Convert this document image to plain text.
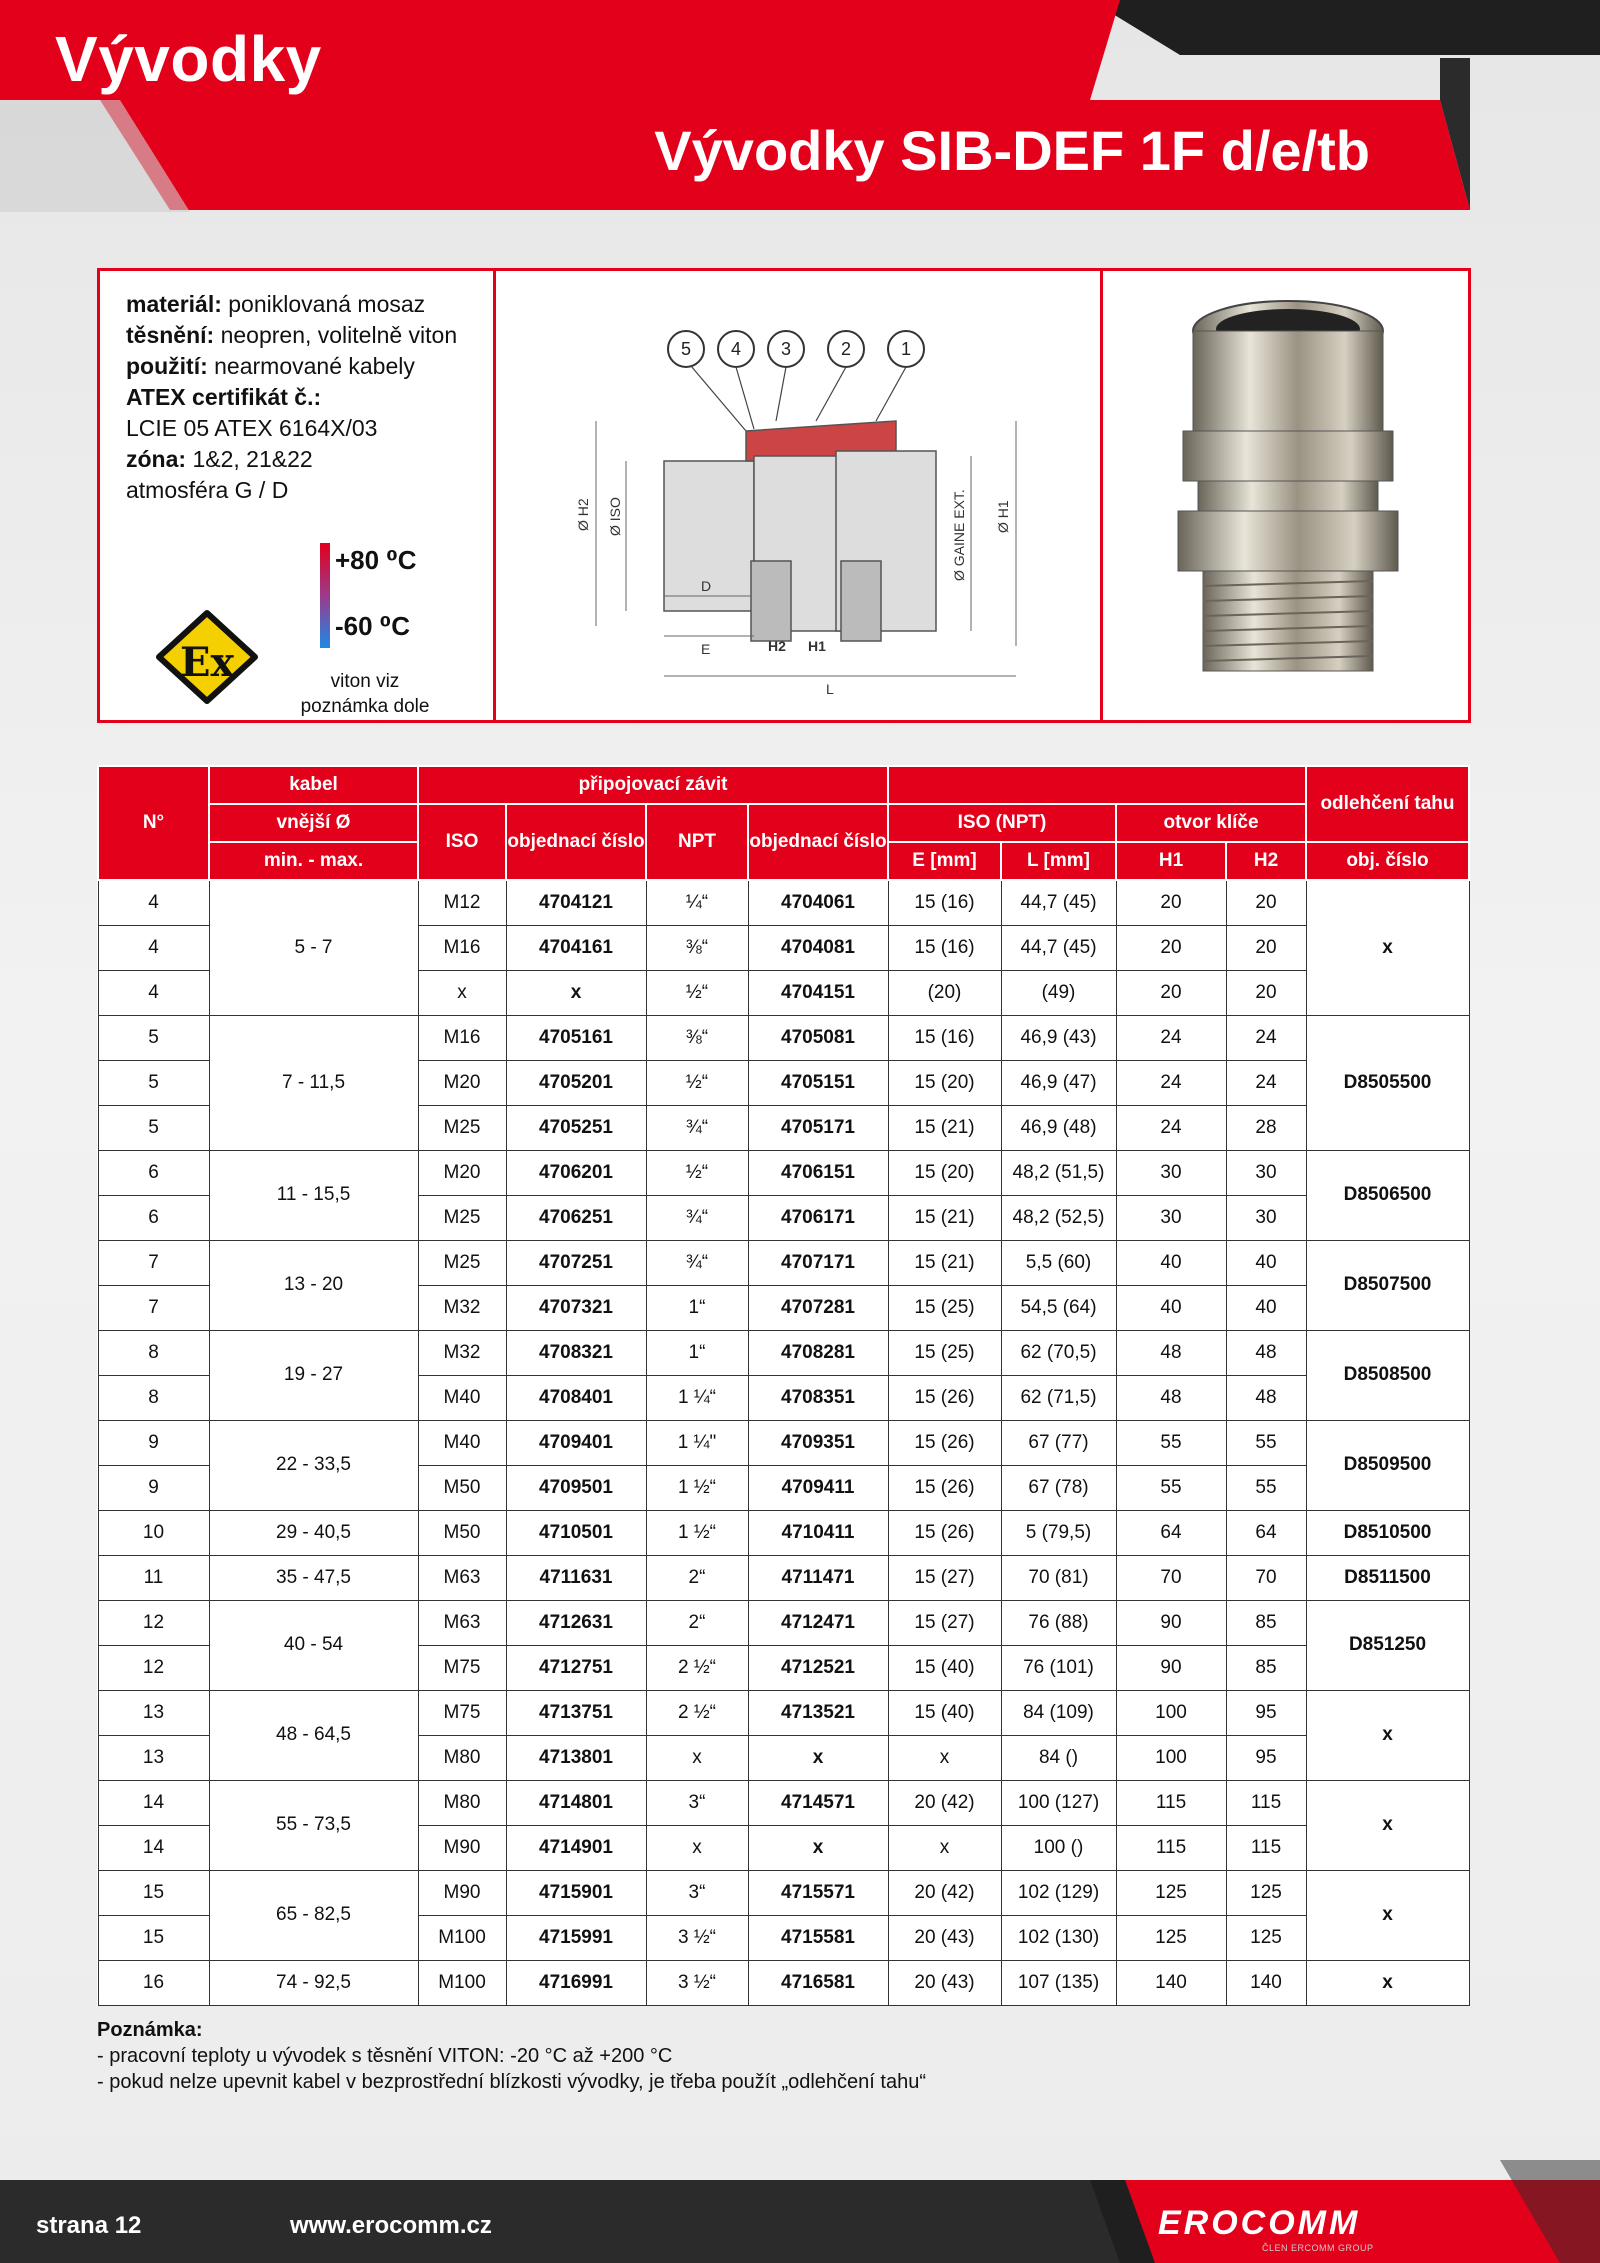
Vývodky
Vývodky SIB-DEF 1F d/e/tb
materiál: poniklovaná mosaz
těsnění: neopren, volitelně viton
použití: nearmované kabely
ATEX certifikát č.:
LCIE 05 ATEX 6164X/03
zóna: 1&2, 21&22
atmosféra G / D
Ex
+80 ⁰C
-60 ⁰C
viton viz
poznámka dole
5 4 3	2	1
Ø H2 Ø ISO	Ø GAINE EXT. Ø H1
D
E
L
H2 H1
N°	kabel	připojovací závit								odlehčení tahu
	vnější Ø	ISO	objednací číslo	NPT	objednací číslo	ISO (NPT)		otvor klíče		
	min. - max.					E [mm]	L [mm]	H1	H2	obj. číslo
4	5 - 7	M12	4704121	¼“	4704061	15 (16)	44,7 (45)	20	20	x
4		M16	4704161	⅜“	4704081	15 (16)	44,7 (45)	20	20	
4		x	x	½“	4704151	(20)	(49)	20	20	
5	7 - 11,5	M16	4705161	⅜“	4705081	15 (16)	46,9 (43)	24	24	D8505500
5		M20	4705201	½“	4705151	15 (20)	46,9 (47)	24	24	
5		M25	4705251	¾“	4705171	15 (21)	46,9 (48)	24	28	
6	11 - 15,5	M20	4706201	½“	4706151	15 (20)	48,2 (51,5)	30	30	D8506500
6		M25	4706251	¾“	4706171	15 (21)	48,2 (52,5)	30	30	
7	13 - 20	M25	4707251	¾“	4707171	15 (21)	5,5 (60)	40	40	D8507500
7		M32	4707321	1“	4707281	15 (25)	54,5 (64)	40	40	
8	19 - 27	M32	4708321	1“	4708281	15 (25)	62 (70,5)	48	48	D8508500
8		M40	4708401	1 ¼“	4708351	15 (26)	62 (71,5)	48	48	
9	22 - 33,5	M40	4709401	1 ¼"	4709351	15 (26)	67 (77)	55	55	D8509500
9		M50	4709501	1 ½“	4709411	15 (26)	67 (78)	55	55	
10	29 - 40,5	M50	4710501	1 ½“	4710411	15 (26)	5 (79,5)	64	64	D8510500
11	35 - 47,5	M63	4711631	2“	4711471	15 (27)	70 (81)	70	70	D8511500
12	40 - 54	M63	4712631	2“	4712471	15 (27)	76 (88)	90	85	D851250
12		M75	4712751	2 ½“	4712521	15 (40)	76 (101)	90	85	
13	48 - 64,5	M75	4713751	2 ½“	4713521	15 (40)	84 (109)	100	95	x
13		M80	4713801	x	x	x	84 ()	100	95	
14	55 - 73,5	M80	4714801	3“	4714571	20 (42)	100 (127)	115	115	x
14		M90	4714901	x	x	x	100 ()	115	115	
15	65 - 82,5	M90	4715901	3“	4715571	20 (42)	102 (129)	125	125	x
15		M100	4715991	3 ½“	4715581	20 (43)	102 (130)	125	125	
16	74 - 92,5	M100	4716991	3 ½“	4716581	20 (43)	107 (135)	140	140	x
Poznámka:
- pracovní teploty u vývodek s těsnění VITON: -20 °C až +200 °C
- pokud nelze upevnit kabel v bezprostřední blízkosti vývodky, je třeba použít „odlehčení tahu“
strana 12	www.erocomm.cz	EROCOMM
ČLEN ERCOMM GROUP
